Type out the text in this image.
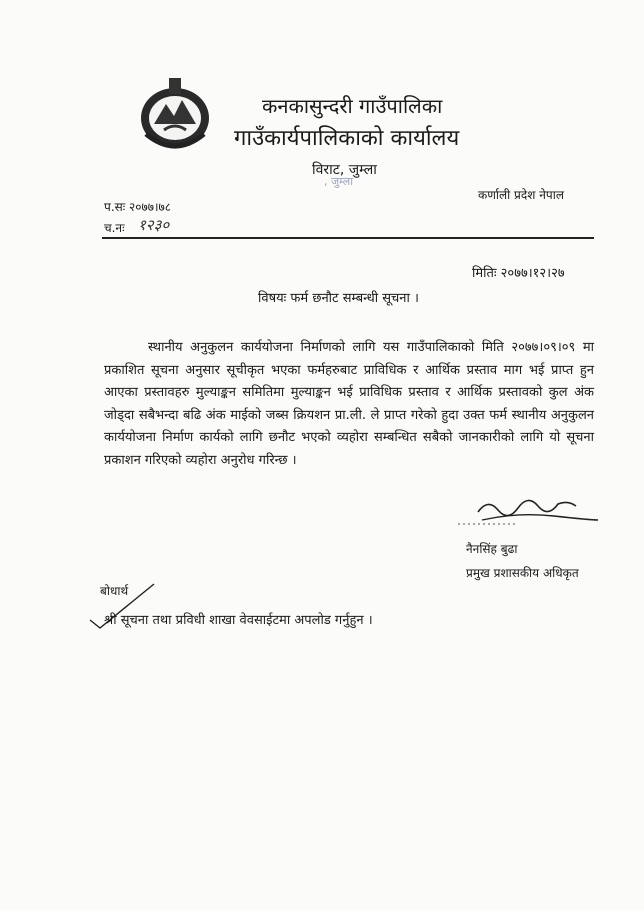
कनकासुन्दरी गाउँपालिका
गाउँकार्यपालिकाको कार्यालय
विराट, जुम्ला
, जुम्ला
कर्णाली प्रदेश नेपाल
प.सः २०७७।७८
च.नः १२३०
मितिः २०७७।१२।२७
विषयः फर्म छनौट सम्बन्धी सूचना ।
स्थानीय अनुकुलन कार्ययोजना निर्माणको लागि यस गाउँपालिकाको मिति २०७७।०९।०९ मा प्रकाशित सूचना अनुसार सूचीकृत भएका फर्महरुबाट प्राविधिक र आर्थिक प्रस्ताव माग भई प्राप्त हुन आएका प्रस्तावहरु मुल्याङ्कन समितिमा मुल्याङ्कन भई प्राविधिक प्रस्ताव र आर्थिक प्रस्तावको कुल अंक जोड्दा सबैभन्दा बढि अंक माईको जब्स क्रियशन प्रा.ली. ले प्राप्त गरेको हुदा उक्त फर्म स्थानीय अनुकुलन कार्ययोजना निर्माण कार्यको लागि छनौट भएको व्यहोरा सम्बन्धित सबैको जानकारीको लागि यो सूचना प्रकाशन गरिएको व्यहोरा अनुरोध गरिन्छ ।
नैनसिंह बुढा
प्रमुख प्रशासकीय अधिकृत
बोधार्थ
श्री सूचना तथा प्रविधी शाखा वेवसाईटमा अपलोड गर्नुहुन ।
